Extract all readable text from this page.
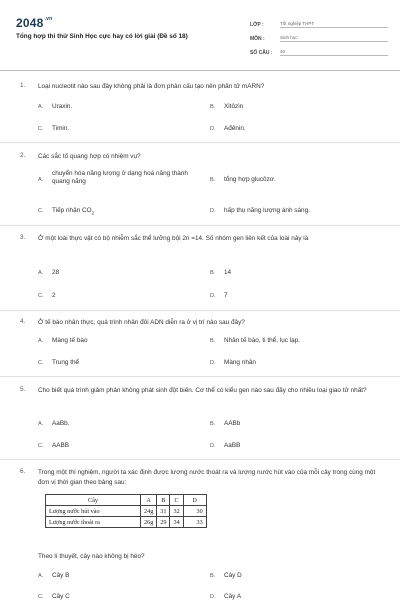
$2048^{.vn}$
Tổng hợp thi thử Sinh Học cực hay có lời giải (Đề số 18)
LỚP :	Tốt nghiệp THPT
MÔN :	Sinh học
SỐ CÂU :	40
1. Loại nucleotit nào sau đây không phải là đơn phân cấu tạo nên phân tử mARN?
A. Uraxin.	B. Xitôzin
C. Timin.	D. Ađênin.
2. Các sắc tố quang hợp có nhiệm vụ?
A.
chuyển hóa năng lượng ở dạng hoá năng thành quang năng	B. tổng hợp glucôzơ.
C. Tiếp nhận $CO_2$	D. hấp thụ năng lượng ánh sáng.
3. Ở một loài thực vật có bộ nhiễm sắc thể lưỡng bội 2n =14. Số nhóm gen liên kết của loài này là
A. 28	B. 14
C. 2	D. 7
4. Ở tế bào nhân thực, quá trình nhân đôi ADN diễn ra ở vị trí nào sau đây?
A. Màng tế bào	B. Nhân tế bào, ti thể, lục lạp.
C. Trung thể	D. Màng nhân
5. Cho biết quá trình giảm phân không phát sinh đột biến. Cơ thể có kiểu gen nào sau đây cho nhiều loại giao tử nhất?
A. AaBb.	B. AABb
C. AABB	D. AaBB
6. Trong một thí nghiệm, người ta xác định được lượng nước thoát ra và lượng nước hút vào của mỗi cây trong cùng một đơn vị thời gian theo bảng sau:
Cây	A	B	C	D
Lượng nước hút vào	24g	31	32	30
Lượng nước thoát ra	26g	29	34	33
Theo lí thuyết, cây nào không bị héo?
A. Cây B	B. Cây D
C. Cây C	D. Cây A
